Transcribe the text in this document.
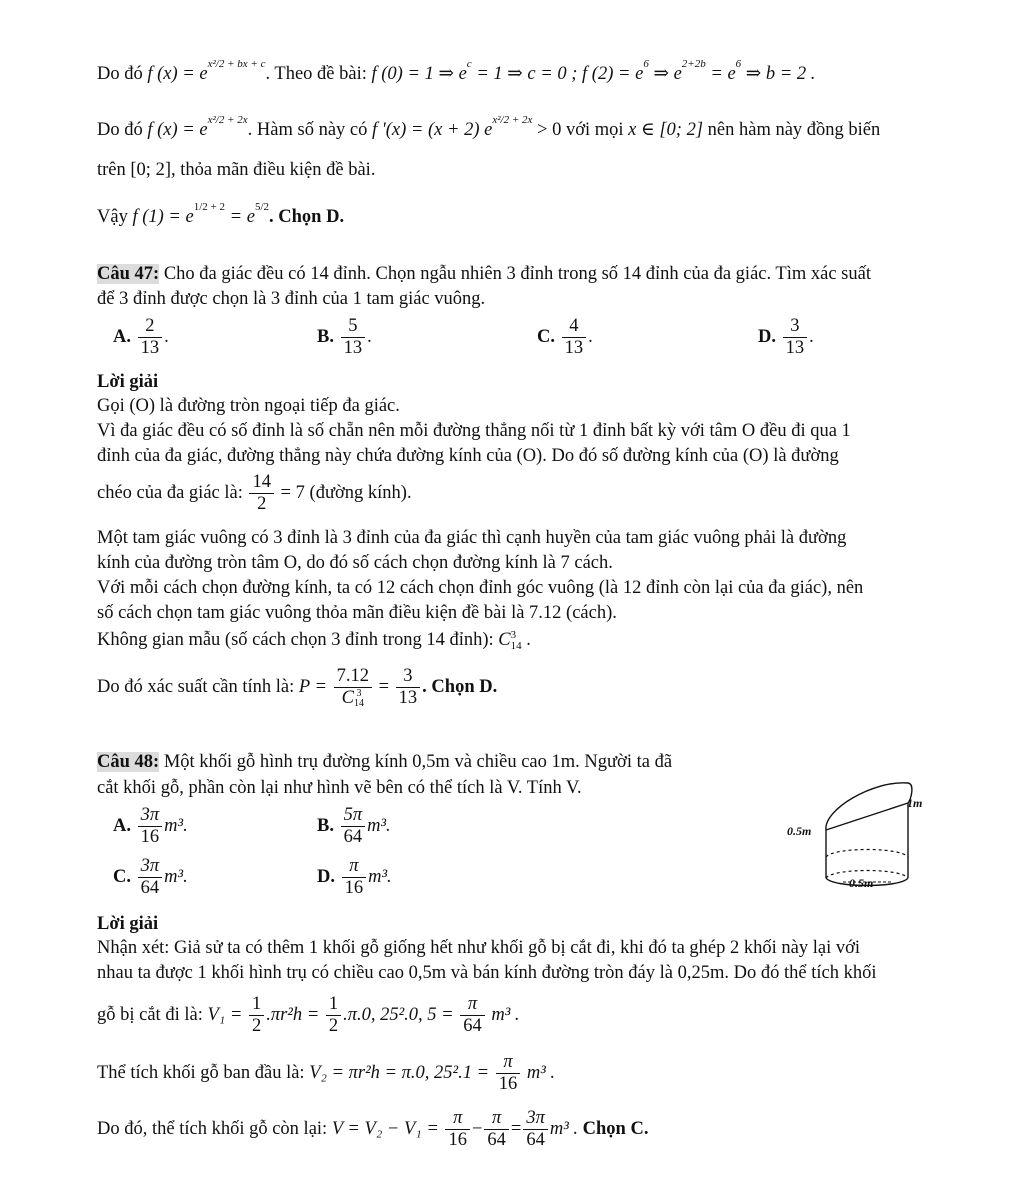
Do đó f $(x) = e^{x^2/2 + bx + c}$. Theo đề bài: f (0) = 1 ⇒ $e^c = 1$ ⇒ c = 0 ; f $(2) = e^6$ ⇒ $e^{2+2b} = e^6$ ⇒ b = 2 .
Do đó f $(x) = e^{x^2/2 + 2x}$. Hàm số này có f '(x) = (x + 2) $e^{x^2/2 + 2x} > 0$ với mọi x ∈ [0; 2] nên hàm này đồng biến
trên [0; 2], thỏa mãn điều kiện đề bài.
Vậy f $(1) = e^{1/2 + 2} = e^{5/2}$. Chọn D.
Câu 47: Cho đa giác đều có 14 đỉnh. Chọn ngẫu nhiên 3 đỉnh trong số 14 đỉnh của đa giác. Tìm xác suất
để 3 đỉnh được chọn là 3 đỉnh của 1 tam giác vuông.
A. $\frac{2}{13}$ .	B. $\frac{5}{13}$ .	C. $\frac{4}{13}$ .	D. $\frac{3}{13}$ .
Lời giải
Gọi (O) là đường tròn ngoại tiếp đa giác.
Vì đa giác đều có số đỉnh là số chẵn nên mỗi đường thẳng nối từ 1 đỉnh bất kỳ với tâm O đều đi qua 1
đỉnh của đa giác, đường thẳng này chứa đường kính của (O). Do đó số đường kính của (O) là đường
chéo của đa giác là: $\frac{14}{2} = 7$ (đường kính).
Một tam giác vuông có 3 đỉnh là 3 đỉnh của đa giác thì cạnh huyền của tam giác vuông phải là đường
kính của đường tròn tâm O, do đó số cách chọn đường kính là 7 cách.
Với mỗi cách chọn đường kính, ta có 12 cách chọn đỉnh góc vuông (là 12 đỉnh còn lại của đa giác), nên
số cách chọn tam giác vuông thỏa mãn điều kiện đề bài là 7.12 (cách).
Không gian mẫu (số cách chọn 3 đỉnh trong 14 đỉnh): C 3
14 .
Do đó xác suất cần tính là: P = 7.12
C 3
$14 = \frac{3}{13}$ . Chọn D.
Câu 48: Một khối gỗ hình trụ đường kính 0,5m và chiều cao 1m. Người ta đã
cắt khối gỗ, phần còn lại như hình vẽ bên có thể tích là V. Tính V.
A. $\frac{3\pi}{16} m^3$.	B. $\frac{5\pi}{64} m^3$.
C. $\frac{3\pi}{64} m^3$.	D. $\frac{\pi}{16} m^3$.
1m
0.5m
0.5m
Lời giải
Nhận xét: Giả sử ta có thêm 1 khối gỗ giống hết như khối gỗ bị cắt đi, khi đó ta ghép 2 khối này lại với
nhau ta được 1 khối hình trụ có chiều cao 0,5m và bán kính đường tròn đáy là 0,25m. Do đó thể tích khối
gỗ bị cắt đi là: $V_1 = \frac{1}{2} .\pi r^2h = \frac{1}{2} .\pi.0$, 25².0, $5 = \frac{\pi}{64} m^3$ .
Thể tích khối gỗ ban đầu là: V₂ = πr²h = π.0, $25^2.1 = \frac{\pi}{16} m^3$ .
Do đó, thể tích khối gỗ còn lại: $V = V_2 - V_1 = \frac{\pi}{16} - \frac{\pi}{64} = \frac{3\pi}{64} m^3$ . Chọn C.
